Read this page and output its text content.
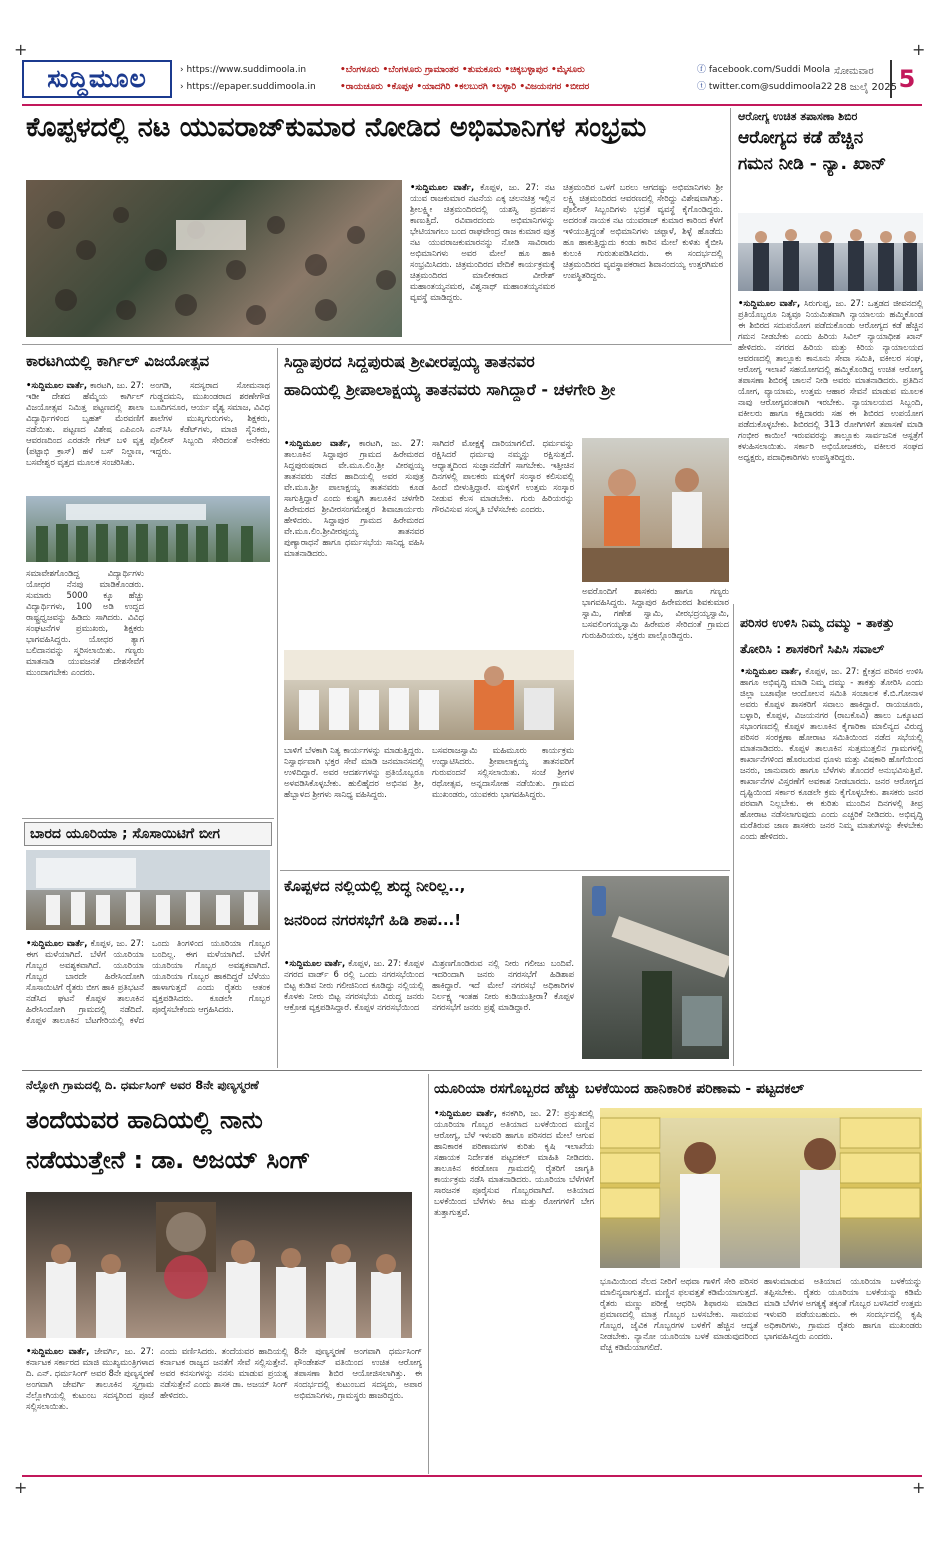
+	+
+	+
ಸುದ್ದಿಮೂಲ	› https://www.suddimoola.in
› https://epaper.suddimoola.in
•ಬೆಂಗಳೂರು •ಬೆಂಗಳೂರು ಗ್ರಾಮಾಂತರ •ತುಮಕೂರು •ಚಿಕ್ಕಬಳ್ಳಾಪುರ •ಮೈಸೂರು
•ರಾಯಚೂರು •ಕೊಪ್ಪಳ •ಯಾದಗಿರಿ •ಕಲಬುರಗಿ •ಬಳ್ಳಾರಿ •ವಿಜಯನಗರ •ಬೀದರ
ⓕ facebook.com/Suddi Moola
ⓣ twitter.com@suddimoola22
ಸೋಮವಾರ
28 ಜುಲೈ 2025 5
ಕೊಪ್ಪಳದಲ್ಲಿ ನಟ ಯುವರಾಜ್‌ಕುಮಾರ ನೋಡಿದ ಅಭಿಮಾನಿಗಳ ಸಂಭ್ರಮ
•ಸುದ್ದಿಮೂಲ ವಾರ್ತೆ, ಕೊಪ್ಪಳ, ಜು. 27: ನಟ ಯುವ ರಾಜಕುಮಾರ ನಟನೆಯ ಎಕ್ಕ ಚಲನಚಿತ್ರ ಇಲ್ಲಿನ ಶ್ರೀಲಕ್ಷ್ಮೀ ಚಿತ್ರಮಂದಿರದಲ್ಲಿ ಯಶಸ್ವಿ ಪ್ರದರ್ಶನ ಕಾಣುತ್ತಿದೆ. ರವಿವಾರದಂದು ಅಭಿಮಾನಿಗಳನ್ನು ಭೇಟಿಯಾಗಲು ಬಂದ ರಾಘವೇಂದ್ರ ರಾಜ ಕುಮಾರ ಪುತ್ರ ನಟ ಯುವರಾಜಕುಮಾರನನ್ನು ನೋಡಿ ಸಾವಿರಾರು ಅಭಿಮಾನಿಗಳು ಅವರ ಮೇಲೆ ಹೂ ಹಾಕಿ ಸಂಭ್ರಮಿಸಿದರು. ಚಿತ್ರಮಂದಿರದ ವೇದಿಕೆ ಕಾರ್ಯಕ್ರಮಕ್ಕೆ ಚಿತ್ರಮಂದಿರದ ಮಾಲೀಕರಾದ ವೀರೇಶ್ ಮಹಾಂತಯ್ಯನಮಠ, ವಿಶ್ವನಾಥ್ ಮಹಾಂತಯ್ಯನಮಠ ವ್ಯವಸ್ಥೆ ಮಾಡಿದ್ದರು.
ಚಿತ್ರಮಂದಿರ ಒಳಗೆ ಬರಲು ಆಗದಷ್ಟು ಅಭಿಮಾನಿಗಳು ಶ್ರೀ ಲಕ್ಷ್ಮಿ ಚಿತ್ರಮಂದಿರದ ಆವರಣದಲ್ಲಿ ಸೇರಿದ್ದು ವಿಶೇಷವಾಗಿತ್ತು. ಪೊಲೀಸ್ ಸಿಬ್ಬಂದಿಗಳು ಭದ್ರತೆ ವ್ಯವಸ್ಥೆ ಕೈಗೊಂಡಿದ್ದರು. ಅದರಂತೆ ನಾಯಕ ನಟ ಯುವರಾಜ್ ಕುಮಾರ ಕಾರಿಂದ ಕೆಳಗೆ ಇಳಿಯುತ್ತಿದ್ದಂತೆ ಅಭಿಮಾನಿಗಳು ಚಪ್ಪಾಳೆ, ಶಿಳ್ಳೆ ಹೊಡೆದು ಹೂ ಹಾಕುತ್ತಿದ್ದುದು ಕಂಡು ಕಾರಿನ ಮೇಲೆ ಕುಳಿತು ಕೈಬೀಸಿ ಕುಲುಕಿ ಗುರುತುಪಡಿಸಿದರು. ಈ ಸಂದರ್ಭದಲ್ಲಿ ಚಿತ್ರಮಂದಿರದ ವ್ಯವಸ್ಥಾಪಕರಾದ ಶಿವಾನಂದಯ್ಯ ಉತ್ತರಗಿಮಠ ಉಪಸ್ಥಿತರಿದ್ದರು.
ಆರೋಗ್ಯ ಉಚಿತ ತಪಾಸಣಾ ಶಿಬಿರ
ಆರೋಗ್ಯದ ಕಡೆ ಹೆಚ್ಚಿನ
ಗಮನ ನೀಡಿ - ನ್ಯಾ. ಖಾನ್
•ಸುದ್ದಿಮೂಲ ವಾರ್ತೆ, ಸಿರುಗುಪ್ಪ, ಜು. 27: ಒತ್ತಡದ ಜೀವನದಲ್ಲಿ ಪ್ರತಿಯೊಬ್ಬರೂ ನಿತ್ಯವೂ ನಿಯಮಿತವಾಗಿ ನ್ಯಾಯಾಲಯ ಹಮ್ಮಿಕೊಂಡ ಈ ಶಿಬಿರದ ಸದುಪಯೋಗ ಪಡೆದುಕೊಂಡು ಆರೋಗ್ಯದ ಕಡೆ ಹೆಚ್ಚಿನ ಗಮನ ನೀಡಬೇಕು ಎಂದು ಹಿರಿಯ ಸಿವಿಲ್ ನ್ಯಾಯಾಧೀಶ ಖಾನ್ ಹೇಳಿದರು. ನಗರದ ಹಿರಿಯ ಮತ್ತು ಕಿರಿಯ ನ್ಯಾಯಾಲಯದ ಆವರಣದಲ್ಲಿ ತಾಲ್ಲೂಕು ಕಾನೂನು ಸೇವಾ ಸಮಿತಿ, ವಕೀಲರ ಸಂಘ, ಆರೋಗ್ಯ ಇಲಾಖೆ ಸಹಯೋಗದಲ್ಲಿ ಹಮ್ಮಿಕೊಂಡಿದ್ದ ಉಚಿತ ಆರೋಗ್ಯ ತಪಾಸಣಾ ಶಿಬಿರಕ್ಕೆ ಚಾಲನೆ ನೀಡಿ ಅವರು ಮಾತನಾಡಿದರು. ಪ್ರತಿದಿನ ಯೋಗ, ವ್ಯಾಯಾಮ, ಉತ್ತಮ ಆಹಾರ ಸೇವನೆ ಮಾಡುವ ಮೂಲಕ ನಾವು ಆರೋಗ್ಯವಂತರಾಗಿ ಇರಬೇಕು. ನ್ಯಾಯಾಲಯದ ಸಿಬ್ಬಂದಿ, ವಕೀಲರು ಹಾಗೂ ಕಕ್ಷಿದಾರರು ಸಹ ಈ ಶಿಬಿರದ ಉಪಯೋಗ ಪಡೆದುಕೊಳ್ಳಬೇಕು. ಶಿಬಿರದಲ್ಲಿ 313 ರೋಗಿಗಳಿಗೆ ತಪಾಸಣೆ ಮಾಡಿ ಗಂಭೀರ ಕಾಯಿಲೆ ಇರುವವರನ್ನು ತಾಲ್ಲೂಕು ಸಾರ್ವಜನಿಕ ಆಸ್ಪತ್ರೆಗೆ ಕಳುಹಿಸಲಾಯಿತು. ಸರ್ಕಾರಿ ಅಭಿಯೋಜಕರು, ವಕೀಲರ ಸಂಘದ ಅಧ್ಯಕ್ಷರು, ಪದಾಧಿಕಾರಿಗಳು ಉಪಸ್ಥಿತರಿದ್ದರು.
ಕಾರಟಗಿಯಲ್ಲಿ ಕಾರ್ಗಿಲ್ ವಿಜಯೋತ್ಸವ
•ಸುದ್ದಿಮೂಲ ವಾರ್ತೆ, ಕಾರಟಗಿ, ಜು. 27: ಇಡೀ ದೇಶದ ಹೆಮ್ಮೆಯ ಕಾರ್ಗಿಲ್ ವಿಜಯೋತ್ಸವ ನಿಮಿತ್ತ ಪಟ್ಟಣದಲ್ಲಿ ಶಾಲಾ ವಿದ್ಯಾರ್ಥಿಗಳಿಂದ ಬೃಹತ್ ಮೆರವಣಿಗೆ ನಡೆಯಿತು. ಪಟ್ಟಣದ ವಿಶೇಷ ಎಪಿಎಂಸಿ ಆವರಣದಿಂದ ಎರಡನೇ ಗೇಟ್ ಬಳಿ ವೃತ್ತ (ಪಟ್ಟಾಭಿ ಕ್ರಾಸ್) ಹಳೆ ಬಸ್ ನಿಲ್ದಾಣ, ಬಸವೇಶ್ವರ ವೃತ್ತದ ಮೂಲಕ ಸಂಚರಿಸಿತು.
ಅಂಗಡಿ, ಸದಸ್ಯರಾದ ಸೋಮನಾಥ ಗುಡ್ಡದಮನಿ, ಮುಖಂಡರಾದ ಶರಣೇಗೌಡ ಬೂದಿಗನೂರ, ಆರ್ಯ ವೈಶ್ಯ ಸಮಾಜ, ವಿವಿಧ ಶಾಲೆಗಳ ಮುಖ್ಯಗುರುಗಳು, ಶಿಕ್ಷಕರು, ಎನ್‌ಸಿಸಿ ಕೆಡೆಟ್‌ಗಳು, ಮಾಜಿ ಸೈನಿಕರು, ಪೊಲೀಸ್ ಸಿಬ್ಬಂದಿ ಸೇರಿದಂತೆ ಅನೇಕರು ಇದ್ದರು.
ಸಮಾವೇಶಗೊಂಡಿದ್ದ ವಿದ್ಯಾರ್ಥಿಗಳು ಯೋಧರ ನೆನಪು ಮಾಡಿಕೊಂಡರು. ಸುಮಾರು 5000 ಕ್ಕೂ ಹೆಚ್ಚು ವಿದ್ಯಾರ್ಥಿಗಳು, 100 ಅಡಿ ಉದ್ದದ ರಾಷ್ಟ್ರಧ್ವಜವನ್ನು ಹಿಡಿದು ಸಾಗಿದರು. ವಿವಿಧ ಸಂಘಟನೆಗಳ ಪ್ರಮುಖರು, ಶಿಕ್ಷಕರು ಭಾಗವಹಿಸಿದ್ದರು. ಯೋಧರ ತ್ಯಾಗ ಬಲಿದಾನವನ್ನು ಸ್ಮರಿಸಲಾಯಿತು. ಗಣ್ಯರು ಮಾತನಾಡಿ ಯುವಜನತೆ ದೇಶಸೇವೆಗೆ ಮುಂದಾಗಬೇಕು ಎಂದರು.
ಬಾರದ ಯೂರಿಯಾ ; ಸೊಸಾಯಿಟಿಗೆ ಬೀಗ
•ಸುದ್ದಿಮೂಲ ವಾರ್ತೆ, ಕೊಪ್ಪಳ, ಜು. 27: ಈಗ ಮಳೆಯಾಗಿದೆ. ಬೆಳೆಗೆ ಯೂರಿಯಾ ಗೊಬ್ಬರ ಅವಶ್ಯಕವಾಗಿದೆ. ಯೂರಿಯಾ ಗೊಬ್ಬರ ಬಾರದೇ ಹಿರೇಸಿಂದೋಗಿ ಸೊಸಾಯಿಟಿಗೆ ರೈತರು ಬೀಗ ಹಾಕಿ ಪ್ರತಿಭಟನೆ ನಡೆಸಿದ ಘಟನೆ ಕೊಪ್ಪಳ ತಾಲೂಕಿನ ಹಿರೇಸಿಂದೋಗಿ ಗ್ರಾಮದಲ್ಲಿ ನಡೆದಿದೆ. ಕೊಪ್ಪಳ ತಾಲೂಕಿನ ಬೆಟಗೇರಿಯಲ್ಲಿ ಕಳೆದ ಒಂದು ತಿಂಗಳಿಂದ ಯೂರಿಯಾ ಗೊಬ್ಬರ ಬಂದಿಲ್ಲ. ಈಗ ಮಳೆಯಾಗಿದೆ. ಬೆಳೆಗೆ ಯೂರಿಯಾ ಗೊಬ್ಬರ ಅವಶ್ಯಕವಾಗಿದೆ. ಯೂರಿಯಾ ಗೊಬ್ಬರ ಹಾಕದಿದ್ದರೆ ಬೆಳೆಯು ಹಾಳಾಗುತ್ತದೆ ಎಂದು ರೈತರು ಆತಂಕ ವ್ಯಕ್ತಪಡಿಸಿದರು. ಕೂಡಲೇ ಗೊಬ್ಬರ ಪೂರೈಸಬೇಕೆಂದು ಆಗ್ರಹಿಸಿದರು.
ಸಿದ್ದಾಪುರದ ಸಿದ್ದಪುರುಷ ಶ್ರೀವೀರಪ್ಪಯ್ಯ ತಾತನವರ
ಹಾದಿಯಲ್ಲಿ ಶ್ರೀಪಾಲಾಕ್ಷಯ್ಯ ತಾತನವರು ಸಾಗಿದ್ದಾರೆ - ಚಳಗೇರಿ ಶ್ರೀ
•ಸುದ್ದಿಮೂಲ ವಾರ್ತೆ, ಕಾರಟಗಿ, ಜು. 27: ತಾಲೂಕಿನ ಸಿದ್ದಾಪುರ ಗ್ರಾಮದ ಹಿರೇಮಠದ ಸಿದ್ದಪುರುಷರಾದ ವೇ.ಮೂ.ಲಿಂ.ಶ್ರೀ ವೀರಪ್ಪಯ್ಯ ತಾತನವರು ನಡೆದ ಹಾದಿಯಲ್ಲಿ ಅವರ ಸುಪುತ್ರ ವೇ.ಮೂ.ಶ್ರೀ ಪಾಲಾಕ್ಷಯ್ಯ ತಾತನವರು ಕೂಡ ಸಾಗುತ್ತಿದ್ದಾರೆ ಎಂದು ಕುಷ್ಟಗಿ ತಾಲೂಕಿನ ಚಳಗೇರಿ ಹಿರೇಮಠದ ಶ್ರೀವೀರಸಂಗಮೇಶ್ವರ ಶಿವಾಚಾರ್ಯರು ಹೇಳಿದರು. ಸಿದ್ದಾಪುರ ಗ್ರಾಮದ ಹಿರೇಮಠದ ವೇ.ಮೂ.ಲಿಂ.ಶ್ರೀವೀರಪ್ಪಯ್ಯ ತಾತನವರ ಪುಣ್ಯಾರಾಧನೆ ಹಾಗೂ ಧರ್ಮಸಭೆಯ ಸಾನಿಧ್ಯ ವಹಿಸಿ ಮಾತನಾಡಿದರು.
ಸಾಗಿದರೆ ಮೋಕ್ಷಕ್ಕೆ ದಾರಿಯಾಗಲಿದೆ. ಧರ್ಮವನ್ನು ರಕ್ಷಿಸಿದರೆ ಧರ್ಮವು ನಮ್ಮನ್ನು ರಕ್ಷಿಸುತ್ತದೆ. ಆಧ್ಯಾತ್ಮದಿಂದ ಸುಜ್ಞಾನದೆಡೆಗೆ ಸಾಗಬೇಕು. ಇತ್ತೀಚಿನ ದಿನಗಳಲ್ಲಿ ಪಾಲಕರು ಮಕ್ಕಳಿಗೆ ಸಂಸ್ಕಾರ ಕಲಿಸುವಲ್ಲಿ ಹಿಂದೆ ಬೀಳುತ್ತಿದ್ದಾರೆ. ಮಕ್ಕಳಿಗೆ ಉತ್ತಮ ಸಂಸ್ಕಾರ ನೀಡುವ ಕೆಲಸ ಮಾಡಬೇಕು. ಗುರು ಹಿರಿಯರನ್ನು ಗೌರವಿಸುವ ಸಂಸ್ಕೃತಿ ಬೆಳೆಸಬೇಕು ಎಂದರು.
ಅವರೊಂದಿಗೆ ಶಾಸಕರು ಹಾಗೂ ಗಣ್ಯರು ಭಾಗವಹಿಸಿದ್ದರು. ಸಿದ್ದಾಪುರ ಹಿರೇಮಠದ ಶಿವಕುಮಾರ ಸ್ವಾಮಿ, ಗಣೇಶ ಸ್ವಾಮಿ, ವೀರಭದ್ರಯ್ಯಸ್ವಾಮಿ, ಬಸವಲಿಂಗಯ್ಯಸ್ವಾಮಿ ಹಿರೇಮಠ ಸೇರಿದಂತೆ ಗ್ರಾಮದ ಗುರುಹಿರಿಯರು, ಭಕ್ತರು ಪಾಲ್ಗೊಂಡಿದ್ದರು.
ಬಾಳಿಗೆ ಬೆಳಕಾಗಿ ನಿತ್ಯ ಕಾರ್ಯಗಳನ್ನು ಮಾಡುತ್ತಿದ್ದರು. ನಿಸ್ವಾರ್ಥವಾಗಿ ಭಕ್ತರ ಸೇವೆ ಮಾಡಿ ಜನಮಾನಸದಲ್ಲಿ ಉಳಿದಿದ್ದಾರೆ. ಅವರ ಆದರ್ಶಗಳನ್ನು ಪ್ರತಿಯೊಬ್ಬರೂ ಅಳವಡಿಸಿಕೊಳ್ಳಬೇಕು. ಹುಲಿಹೈದರ ಅಭಿನವ ಶ್ರೀ, ಹೆಬ್ಬಾಳದ ಶ್ರೀಗಳು ಸಾನಿಧ್ಯ ವಹಿಸಿದ್ದರು.
ಬಸವರಾಜಸ್ವಾಮಿ ಮಹಿಮೂರು ಕಾರ್ಯಕ್ರಮ ಉದ್ಘಾಟಿಸಿದರು. ಶ್ರೀಪಾಲಾಕ್ಷಯ್ಯ ತಾತನವರಿಗೆ ಗುರುವಂದನೆ ಸಲ್ಲಿಸಲಾಯಿತು. ಸಂಜೆ ಶ್ರೀಗಳ ರಥೋತ್ಸವ, ಅನ್ನದಾಸೋಹ ನಡೆಯಿತು. ಗ್ರಾಮದ ಮುಖಂಡರು, ಯುವಕರು ಭಾಗವಹಿಸಿದ್ದರು.
ಕೊಪ್ಪಳದ ನಲ್ಲಿಯಲ್ಲಿ ಶುದ್ಧ ನೀರಿಲ್ಲ..,
ಜನರಿಂದ ನಗರಸಭೆಗೆ ಹಿಡಿ ಶಾಪ...!
•ಸುದ್ದಿಮೂಲ ವಾರ್ತೆ, ಕೊಪ್ಪಳ, ಜು. 27: ಕೊಪ್ಪಳ ನಗರದ ವಾರ್ಡ್ 6 ರಲ್ಲಿ ಒಂದು ನಗರಸಭೆಯಿಂದ ಬಿಟ್ಟ ಕುಡಿವ ನೀರು ಗಲೀಜಿನಿಂದ ಕೂಡಿದ್ದು ನಲ್ಲಿಯಲ್ಲಿ ಕೊಳಕು ನೀರು ಬಿಟ್ಟ ನಗರಸಭೆಯ ವಿರುದ್ಧ ಜನರು ಆಕ್ರೋಶ ವ್ಯಕ್ತಪಡಿಸಿದ್ದಾರೆ. ಕೊಪ್ಪಳ ನಗರಸಭೆಯಿಂದ
ಮಿಶ್ರಣಗೊಂಡಿರುವ ನಲ್ಲಿ ನೀರು ಗಲೀಜು ಬಂದಿವೆ. ಇದರಿಂದಾಗಿ ಜನರು ನಗರಸಭೆಗೆ ಹಿಡಿಶಾಪ ಹಾಕಿದ್ದಾರೆ. ಇದೆ ಮೇಲೆ ನಗರಸಭೆ ಅಧಿಕಾರಿಗಳ ನಿರ್ಲಕ್ಷ್ಯ ಇಂತಹ ನೀರು ಕುಡಿಯುತ್ತೀರಾ? ಕೊಪ್ಪಳ ನಗರಸಭೆಗೆ ಜನರು ಪ್ರಶ್ನೆ ಮಾಡಿದ್ದಾರೆ.
ಪರಿಸರ ಉಳಿಸಿ ನಿಮ್ಮ ದಮ್ಮು - ತಾಕತ್ತು
ತೋರಿಸಿ : ಶಾಸಕರಿಗೆ ಸಿಪಿಸಿ ಸವಾಲ್
•ಸುದ್ದಿಮೂಲ ವಾರ್ತೆ, ಕೊಪ್ಪಳ, ಜು. 27: ಕ್ಷೇತ್ರದ ಪರಿಸರ ಉಳಿಸಿ ಹಾಗೂ ಅಭಿವೃದ್ಧಿ ಮಾಡಿ ನಿಮ್ಮ ದಮ್ಮು - ತಾಕತ್ತು ತೋರಿಸಿ ಎಂದು ಜಿಲ್ಲಾ ಬಚಾವೋ ಆಂದೋಲನ ಸಮಿತಿ ಸಂಚಾಲಕ ಕೆ.ಬಿ.ಗೋನಾಳ ಅವರು ಕೊಪ್ಪಳ ಶಾಸಕರಿಗೆ ಸವಾಲು ಹಾಕಿದ್ದಾರೆ. ರಾಯಚೂರು, ಬಳ್ಳಾರಿ, ಕೊಪ್ಪಳ, ವಿಜಯನಗರ (ರಾಬಕೊವಿ) ಹಾಲು ಒಕ್ಕೂಟದ ಸಭಾಂಗಣದಲ್ಲಿ ಕೊಪ್ಪಳ ತಾಲೂಕಿನ ಕೈಗಾರಿಕಾ ಮಾಲಿನ್ಯದ ವಿರುದ್ಧ ಪರಿಸರ ಸಂರಕ್ಷಣಾ ಹೋರಾಟ ಸಮಿತಿಯಿಂದ ನಡೆದ ಸಭೆಯಲ್ಲಿ ಮಾತನಾಡಿದರು. ಕೊಪ್ಪಳ ತಾಲೂಕಿನ ಸುತ್ತಮುತ್ತಲಿನ ಗ್ರಾಮಗಳಲ್ಲಿ ಕಾರ್ಖಾನೆಗಳಿಂದ ಹೊರಬರುವ ಧೂಳು ಮತ್ತು ವಿಷಕಾರಿ ಹೊಗೆಯಿಂದ ಜನರು, ಜಾನುವಾರು ಹಾಗೂ ಬೆಳೆಗಳು ತೊಂದರೆ ಅನುಭವಿಸುತ್ತಿವೆ. ಕಾರ್ಖಾನೆಗಳ ವಿಸ್ತರಣೆಗೆ ಅವಕಾಶ ನೀಡಬಾರದು. ಜನರ ಆರೋಗ್ಯದ ದೃಷ್ಟಿಯಿಂದ ಸರ್ಕಾರ ಕೂಡಲೇ ಕ್ರಮ ಕೈಗೊಳ್ಳಬೇಕು. ಶಾಸಕರು ಜನರ ಪರವಾಗಿ ನಿಲ್ಲಬೇಕು. ಈ ಕುರಿತು ಮುಂದಿನ ದಿನಗಳಲ್ಲಿ ತೀವ್ರ ಹೋರಾಟ ನಡೆಸಲಾಗುವುದು ಎಂದು ಎಚ್ಚರಿಕೆ ನೀಡಿದರು. ಅಭಿವೃದ್ಧಿ ಮರೆತಿರುವ ಜಾಣ ಶಾಸಕರು ಜನರ ನಿಮ್ಮ ಮಾತುಗಳನ್ನು ಕೇಳಬೇಕು ಎಂದು ಹೇಳಿದರು.
ನೆಲ್ಲೋಗಿ ಗ್ರಾಮದಲ್ಲಿ ದಿ. ಧರ್ಮಸಿಂಗ್ ಅವರ 8ನೇ ಪುಣ್ಯಸ್ಮರಣೆ
ತಂದೆಯವರ ಹಾದಿಯಲ್ಲಿ ನಾನು
ನಡೆಯುತ್ತೇನೆ : ಡಾ. ಅಜಯ್ ಸಿಂಗ್
•ಸುದ್ದಿಮೂಲ ವಾರ್ತೆ, ಜೇವರ್ಗಿ, ಜು. 27: ಕರ್ನಾಟಕ ಸರ್ಕಾರದ ಮಾಜಿ ಮುಖ್ಯಮಂತ್ರಿಗಳಾದ ದಿ. ಎನ್. ಧರ್ಮಸಿಂಗ್ ಅವರ 8ನೇ ಪುಣ್ಯಸ್ಮರಣೆ ಅಂಗವಾಗಿ ಜೇವರ್ಗಿ ತಾಲೂಕಿನ ಸ್ವಗ್ರಾಮ ನೆಲ್ಲೋಗಿಯಲ್ಲಿ ಕುಟುಂಬ ಸದಸ್ಯರಿಂದ ಪೂಜೆ ಸಲ್ಲಿಸಲಾಯಿತು.
ಎಂದು ವರ್ಣಿಸಿದರು. ತಂದೆಯವರ ಹಾದಿಯಲ್ಲಿ ಕರ್ನಾಟಕ ರಾಜ್ಯದ ಜನತೆಗೆ ಸೇವೆ ಸಲ್ಲಿಸುತ್ತೇನೆ. ಅವರ ಕನಸುಗಳನ್ನು ನನಸು ಮಾಡುವ ಪ್ರಯತ್ನ ನಡೆಸುತ್ತೇನೆ ಎಂದು ಶಾಸಕ ಡಾ. ಅಜಯ್ ಸಿಂಗ್ ಹೇಳಿದರು.
8ನೇ ಪುಣ್ಯಸ್ಮರಣೆ ಅಂಗವಾಗಿ ಧರ್ಮಸಿಂಗ್ ಫೌಂಡೇಶನ್ ವತಿಯಿಂದ ಉಚಿತ ಆರೋಗ್ಯ ತಪಾಸಣಾ ಶಿಬಿರ ಆಯೋಜಿಸಲಾಗಿತ್ತು. ಈ ಸಂದರ್ಭದಲ್ಲಿ ಕುಟುಂಬದ ಸದಸ್ಯರು, ಅಪಾರ ಅಭಿಮಾನಿಗಳು, ಗ್ರಾಮಸ್ಥರು ಹಾಜರಿದ್ದರು.
ಯೂರಿಯಾ ರಸಗೊಬ್ಬರದ ಹೆಚ್ಚು ಬಳಕೆಯಿಂದ ಹಾನಿಕಾರಿಕ ಪರಿಣಾಮ - ಪಟ್ಟದಕಲ್
•ಸುದ್ದಿಮೂಲ ವಾರ್ತೆ, ಕನಕಗಿರಿ, ಜು. 27: ಪ್ರಸ್ತುತದಲ್ಲಿ ಯೂರಿಯಾ ಗೊಬ್ಬರ ಅತಿಯಾದ ಬಳಕೆಯಿಂದ ಮಣ್ಣಿನ ಆರೋಗ್ಯ, ಬೆಳೆ ಇಳುವರಿ ಹಾಗೂ ಪರಿಸರದ ಮೇಲೆ ಆಗುವ ಹಾನಿಕಾರಕ ಪರಿಣಾಮಗಳ ಕುರಿತು ಕೃಷಿ ಇಲಾಖೆಯ ಸಹಾಯಕ ನಿರ್ದೇಶಕ ಪಟ್ಟದಕಲ್ ಮಾಹಿತಿ ನೀಡಿದರು. ತಾಲೂಕಿನ ಕರಡೋಣ ಗ್ರಾಮದಲ್ಲಿ ರೈತರಿಗೆ ಜಾಗೃತಿ ಕಾರ್ಯಕ್ರಮ ನಡೆಸಿ ಮಾತನಾಡಿದರು. ಯೂರಿಯಾ ಬೆಳೆಗಳಿಗೆ ಸಾರಜನಕ ಪೂರೈಸುವ ಗೊಬ್ಬರವಾಗಿದೆ. ಅತಿಯಾದ ಬಳಕೆಯಿಂದ ಬೆಳೆಗಳು ಕೀಟ ಮತ್ತು ರೋಗಗಳಿಗೆ ಬೇಗ ತುತ್ತಾಗುತ್ತವೆ.
ಭೂಮಿಯಿಂದ ನೆಲದ ನೀರಿಗೆ ಅಥವಾ ಗಾಳಿಗೆ ಸೇರಿ ಪರಿಸರ ಮಾಲಿನ್ಯವಾಗುತ್ತದೆ. ಮಣ್ಣಿನ ಫಲವತ್ತತೆ ಕಡಿಮೆಯಾಗುತ್ತದೆ. ರೈತರು ಮಣ್ಣು ಪರೀಕ್ಷೆ ಆಧರಿಸಿ ಶಿಫಾರಸು ಮಾಡಿದ ಪ್ರಮಾಣದಲ್ಲಿ ಮಾತ್ರ ಗೊಬ್ಬರ ಬಳಸಬೇಕು. ಸಾವಯವ ಗೊಬ್ಬರ, ಜೈವಿಕ ಗೊಬ್ಬರಗಳ ಬಳಕೆಗೆ ಹೆಚ್ಚಿನ ಆದ್ಯತೆ ನೀಡಬೇಕು. ನ್ಯಾನೋ ಯೂರಿಯಾ ಬಳಕೆ ಮಾಡುವುದರಿಂದ ವೆಚ್ಚ ಕಡಿಮೆಯಾಗಲಿದೆ.
ಹಾಳುಮಾಡುವ ಅತಿಯಾದ ಯೂರಿಯಾ ಬಳಕೆಯನ್ನು ತಪ್ಪಿಸಬೇಕು. ರೈತರು ಯೂರಿಯಾ ಬಳಕೆಯನ್ನು ಕಡಿಮೆ ಮಾಡಿ ಬೆಳೆಗಳ ಅಗತ್ಯಕ್ಕೆ ತಕ್ಕಂತೆ ಗೊಬ್ಬರ ಬಳಸಿದರೆ ಉತ್ತಮ ಇಳುವರಿ ಪಡೆಯಬಹುದು. ಈ ಸಂದರ್ಭದಲ್ಲಿ ಕೃಷಿ ಅಧಿಕಾರಿಗಳು, ಗ್ರಾಮದ ರೈತರು ಹಾಗೂ ಮುಖಂಡರು ಭಾಗವಹಿಸಿದ್ದರು ಎಂದರು.
